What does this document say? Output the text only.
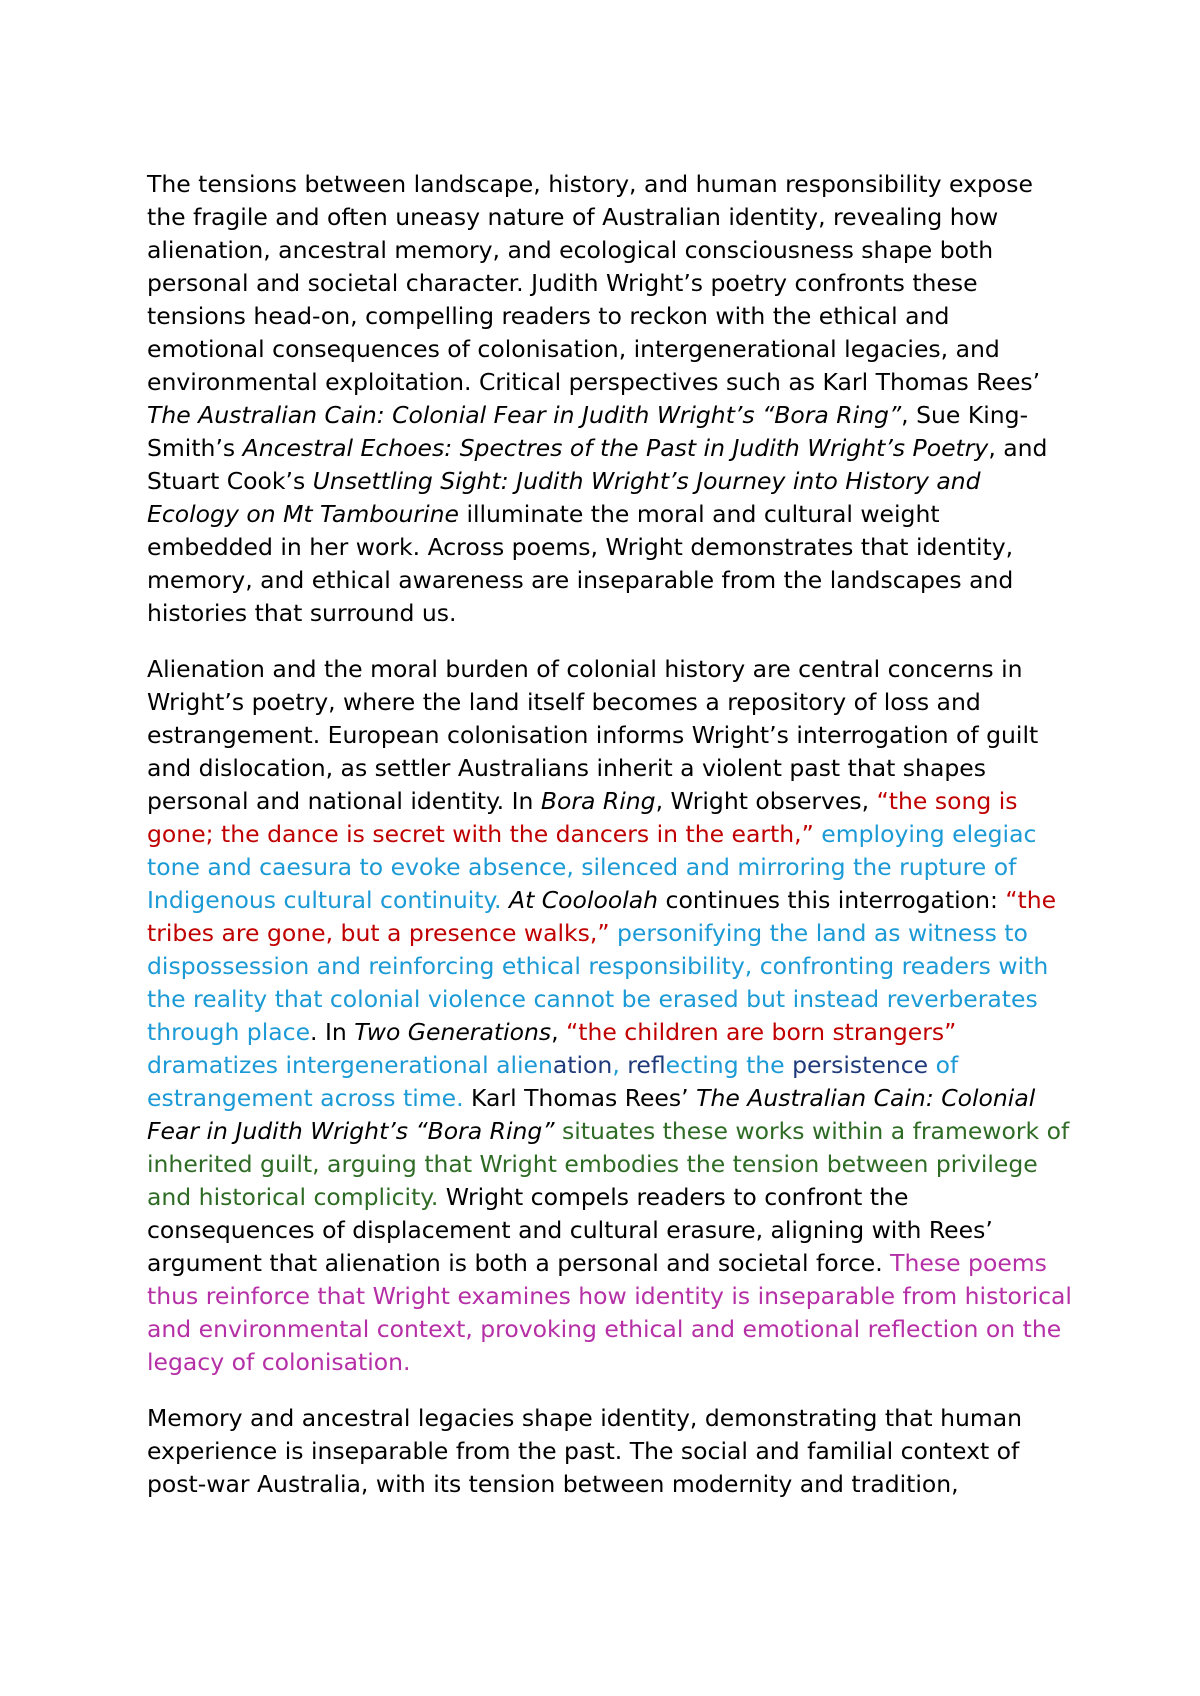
The tensions between landscape, history, and human responsibility expose the fragile and often uneasy nature of Australian identity, revealing how alienation, ancestral memory, and ecological consciousness shape both personal and societal character. Judith Wright’s poetry confronts these tensions head-on, compelling readers to reckon with the ethical and emotional consequences of colonisation, intergenerational legacies, and environmental exploitation. Critical perspectives such as Karl Thomas Rees’ The Australian Cain: Colonial Fear in Judith Wright’s “Bora Ring”, Sue King-Smith’s Ancestral Echoes: Spectres of the Past in Judith Wright’s Poetry, and Stuart Cook’s Unsettling Sight: Judith Wright’s Journey into History and Ecology on Mt Tambourine illuminate the moral and cultural weight embedded in her work. Across poems, Wright demonstrates that identity, memory, and ethical awareness are inseparable from the landscapes and histories that surround us.

Alienation and the moral burden of colonial history are central concerns in Wright’s poetry, where the land itself becomes a repository of loss and estrangement. European colonisation informs Wright’s interrogation of guilt and dislocation, as settler Australians inherit a violent past that shapes personal and national identity. In Bora Ring, Wright observes, “the song is gone; the dance is secret with the dancers in the earth,” employing elegiac tone and caesura to evoke absence, silenced and mirroring the rupture of Indigenous cultural continuity. At Cooloolah continues this interrogation: “the tribes are gone, but a presence walks,” personifying the land as witness to dispossession and reinforcing ethical responsibility, confronting readers with the reality that colonial violence cannot be erased but instead reverberates through place. In Two Generations, “the children are born strangers” dramatizes intergenerational alienation, reflecting the persistence of estrangement across time. Karl Thomas Rees’ The Australian Cain: Colonial Fear in Judith Wright’s “Bora Ring” situates these works within a framework of inherited guilt, arguing that Wright embodies the tension between privilege and historical complicity. Wright compels readers to confront the consequences of displacement and cultural erasure, aligning with Rees’ argument that alienation is both a personal and societal force. These poems thus reinforce that Wright examines how identity is inseparable from historical and environmental context, provoking ethical and emotional reflection on the legacy of colonisation.

Memory and ancestral legacies shape identity, demonstrating that human experience is inseparable from the past. The social and familial context of post-war Australia, with its tension between modernity and tradition,
